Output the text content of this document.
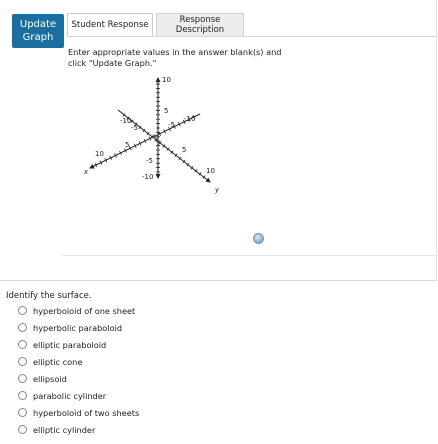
Update Graph
Student Response	Response Description
Enter appropriate values in the answer blank(s) and click "Update Graph."
10
5
-5
-10
-10
-5
5
10
y
-10
-5
5
10
x
Identify the surface.
hyperboloid of one sheet
hyperbolic paraboloid
elliptic paraboloid
elliptic cone
ellipsoid
parabolic cylinder
hyperboloid of two sheets
elliptic cylinder
